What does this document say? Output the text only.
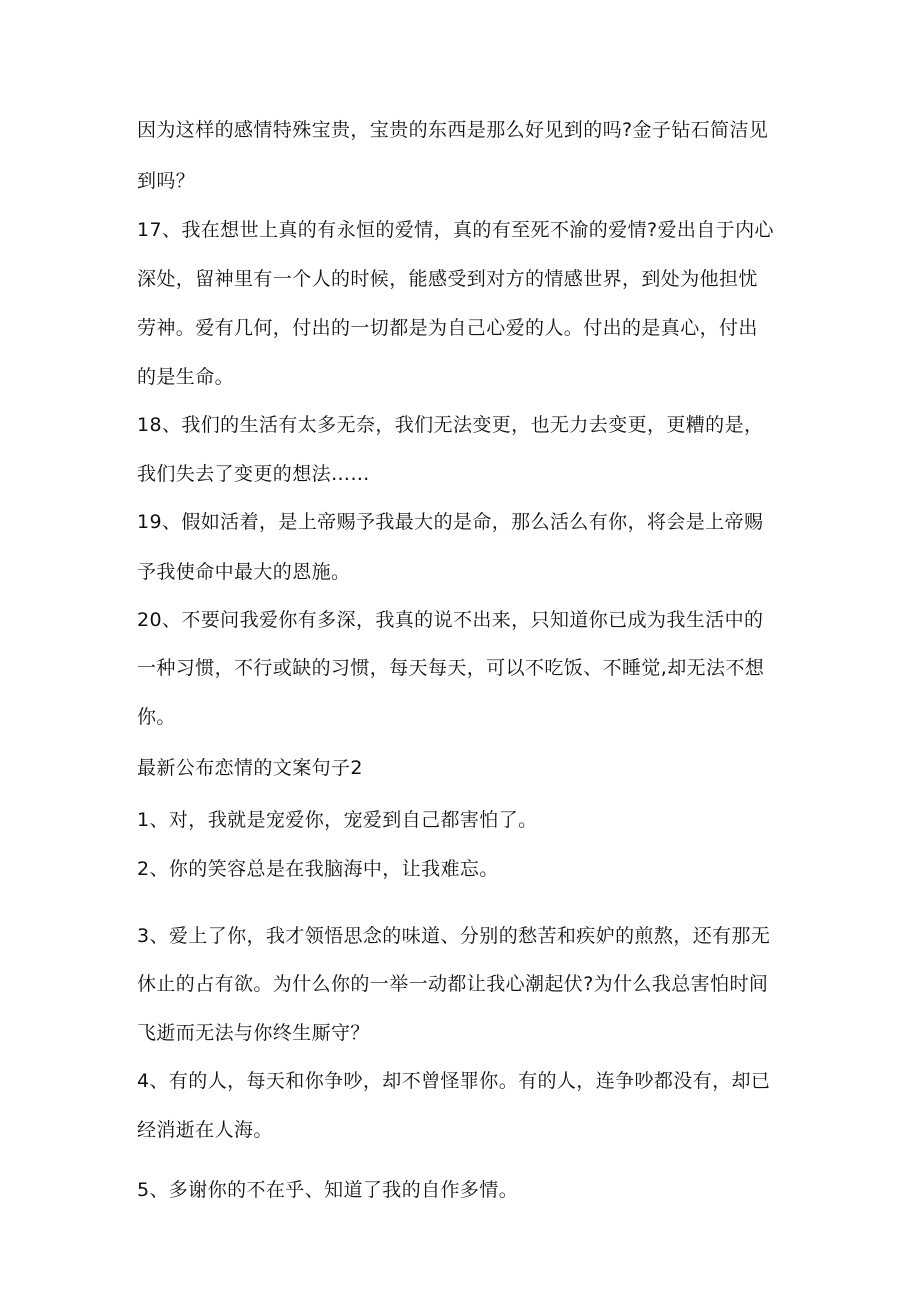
因为这样的感情特殊宝贵，宝贵的东西是那么好见到的吗?金子钻石简洁见
到吗？
17、我在想世上真的有永恒的爱情，真的有至死不渝的爱情?爱出自于内心
深处，留神里有一个人的时候，能感受到对方的情感世界，到处为他担忧
劳神。爱有几何，付出的一切都是为自己心爱的人。付出的是真心，付出
的是生命。
18、我们的生活有太多无奈，我们无法变更，也无力去变更，更糟的是，
我们失去了变更的想法……
19、假如活着，是上帝赐予我最大的是命，那么活么有你，将会是上帝赐
予我使命中最大的恩施。
20、不要问我爱你有多深，我真的说不出来，只知道你已成为我生活中的
一种习惯，不行或缺的习惯，每天每天，可以不吃饭、不睡觉,却无法不想
你。
最新公布恋情的文案句子2
1、对，我就是宠爱你，宠爱到自己都害怕了。
2、你的笑容总是在我脑海中，让我难忘。
3、爱上了你，我才领悟思念的味道、分别的愁苦和疾妒的煎熬，还有那无
休止的占有欲。为什么你的一举一动都让我心潮起伏?为什么我总害怕时间
飞逝而无法与你终生厮守？
4、有的人，每天和你争吵，却不曾怪罪你。有的人，连争吵都没有，却已
经消逝在人海。
5、多谢你的不在乎、知道了我的自作多情。
